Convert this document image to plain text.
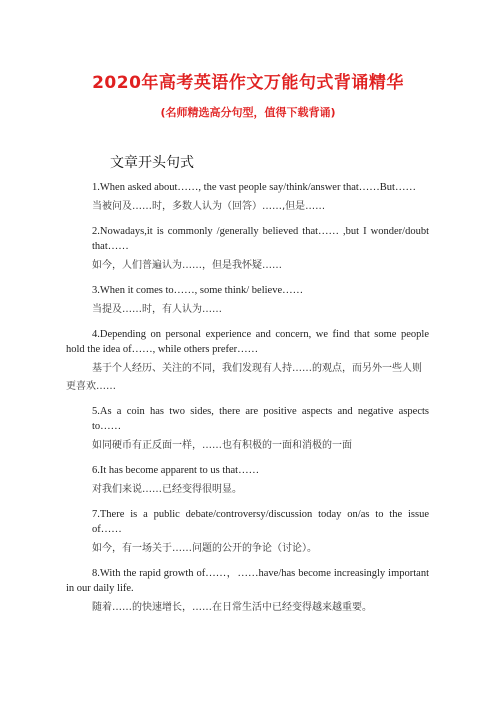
2020年高考英语作文万能句式背诵精华
(名师精选高分句型，值得下载背诵)
文章开头句式
1.When asked about……, the vast people say/think/answer that……But……
当被问及……时，多数人认为（回答）……,但是……
2.Nowadays,it is commonly /generally believed that…… ,but I wonder/doubt that……
如今，人们普遍认为……，但是我怀疑……
3.When it comes to……, some think/ believe……
当提及……时，有人认为……
4.Depending on personal experience and concern, we find that some people hold the idea of……, while others prefer……
基于个人经历、关注的不同，我们发现有人持……的观点，而另外一些人则更喜欢……
5.As a coin has two sides, there are positive aspects and negative aspects to……
如同硬币有正反面一样，……也有积极的一面和消极的一面
6.It has become apparent to us that……
对我们来说……已经变得很明显。
7.There is a public debate/controversy/discussion today on/as to the issue of……
如今，有一场关于……问题的公开的争论（讨论）。
8.With the rapid growth of……，……have/has become increasingly important in our daily life.
随着……的快速增长，……在日常生活中已经变得越来越重要。
